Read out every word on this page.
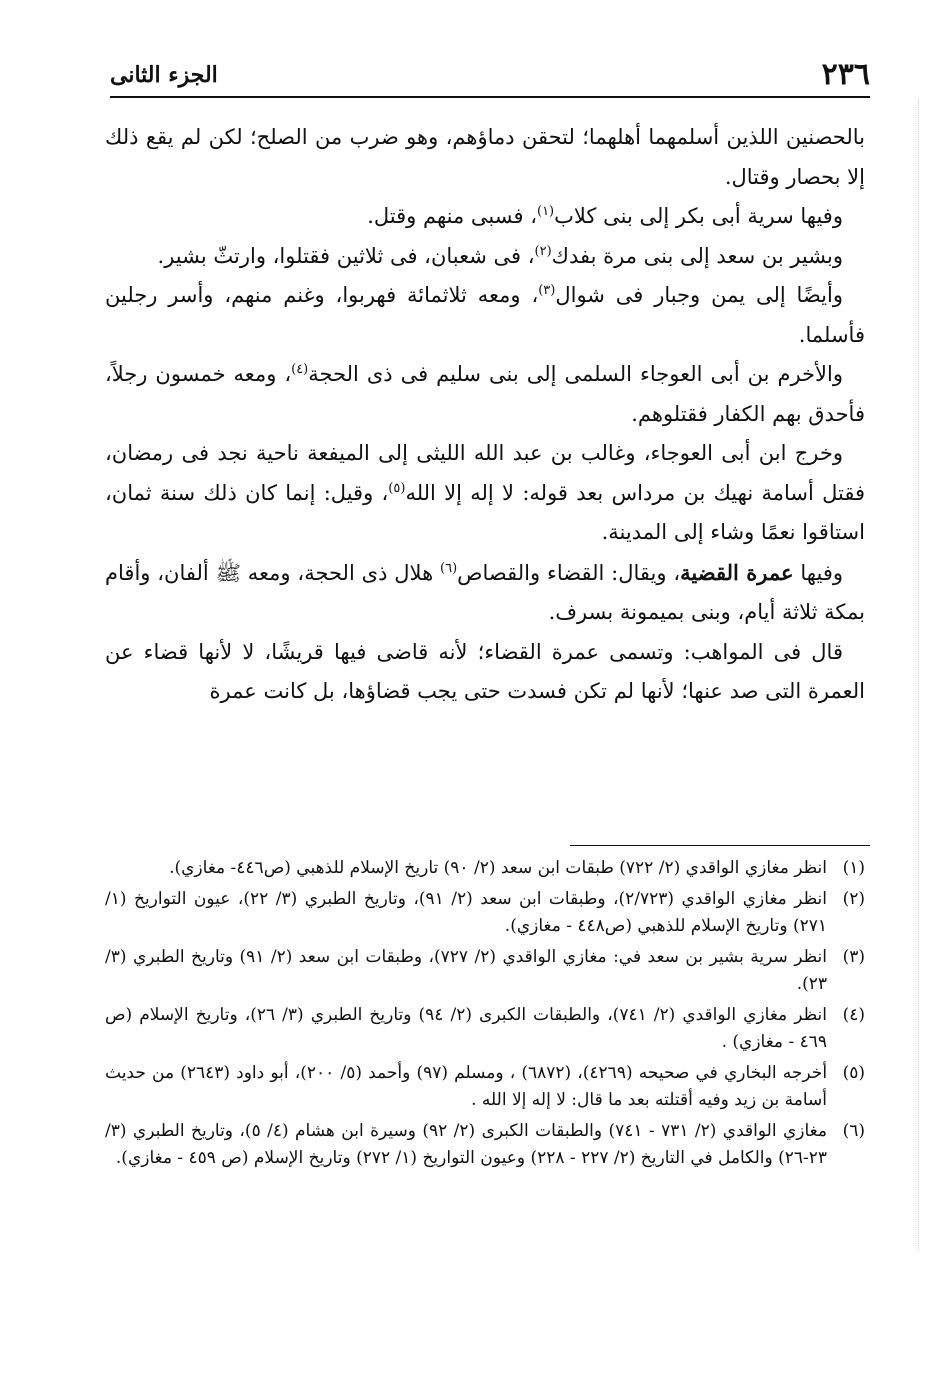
٢٣٦
الجزء الثانى

بالحصنين اللذين أسلمهما أهلهما؛ لتحقن دماؤهم، وهو ضرب من الصلح؛ لكن لم يقع ذلك إلا بحصار وقتال.

وفيها سرية أبى بكر إلى بنى كلاب$^{(١)}$، فسبى منهم وقتل.

وبشير بن سعد إلى بنى مرة بفدك$^{(٢)}$، فى شعبان، فى ثلاثين فقتلوا، وارتثّ بشير.

وأيضًا إلى يمن وجبار فى شوال$^{(٣)}$، ومعه ثلاثمائة فهربوا، وغنم منهم، وأسر رجلين فأسلما.

والأخرم بن أبى العوجاء السلمى إلى بنى سليم فى ذى الحجة$^{(٤)}$، ومعه خمسون رجلاً، فأحدق بهم الكفار فقتلوهم.

وخرج ابن أبى العوجاء، وغالب بن عبد الله الليثى إلى الميفعة ناحية نجد فى رمضان، فقتل أسامة نهيك بن مرداس بعد قوله: لا إله إلا الله$^{(٥)}$، وقيل: إنما كان ذلك سنة ثمان، استاقوا نعمًا وشاء إلى المدينة.

وفيها عمرة القضية، ويقال: القضاء والقصاص$^{(٦)}$ هلال ذى الحجة، ومعه ﷺ ألفان، وأقام بمكة ثلاثة أيام، وبنى بميمونة بسرف.

قال فى المواهب: وتسمى عمرة القضاء؛ لأنه قاضى فيها قريشًا، لا لأنها قضاء عن العمرة التى صد عنها؛ لأنها لم تكن فسدت حتى يجب قضاؤها، بل كانت عمرة

(١)
انظر مغازي الواقدي (٢/ ٧٢٢) طبقات ابن سعد (٢/ ٩٠) تاريخ الإسلام للذهبي (ص٤٤٦- مغازي).
(٢)
انظر مغازي الواقدي (٢/٧٢٣)، وطبقات ابن سعد (٢/ ٩١)، وتاريخ الطبري (٣/ ٢٢)، عيون التواريخ (١/ ٢٧١) وتاريخ الإسلام للذهبي (ص٤٤٨ - مغازي).
(٣)
انظر سرية بشير بن سعد في: مغازي الواقدي (٢/ ٧٢٧)، وطبقات ابن سعد (٢/ ٩١) وتاريخ الطبري (٣/ ٢٣).
(٤)
انظر مغازي الواقدي (٢/ ٧٤١)، والطبقات الكبرى (٢/ ٩٤) وتاريخ الطبري (٣/ ٢٦)، وتاريخ الإسلام (ص ٤٦٩ - مغازي) .
(٥)
أخرجه البخاري في صحيحه (٤٢٦٩)، (٦٨٧٢) ، ومسلم (٩٧) وأحمد (٥/ ٢٠٠)، أبو داود (٢٦٤٣) من حديث أسامة بن زيد وفيه أقتلته بعد ما قال: لا إله إلا الله .
(٦)
مغازي الواقدي (٢/ ٧٣١ - ٧٤١) والطبقات الكبرى (٢/ ٩٢) وسيرة ابن هشام (٤/ ٥)، وتاريخ الطبري (٣/ ٢٣-٢٦) والكامل في التاريخ (٢/ ٢٢٧ - ٢٢٨) وعيون التواريخ (١/ ٢٧٢) وتاريخ الإسلام (ص ٤٥٩ - مغازي).
